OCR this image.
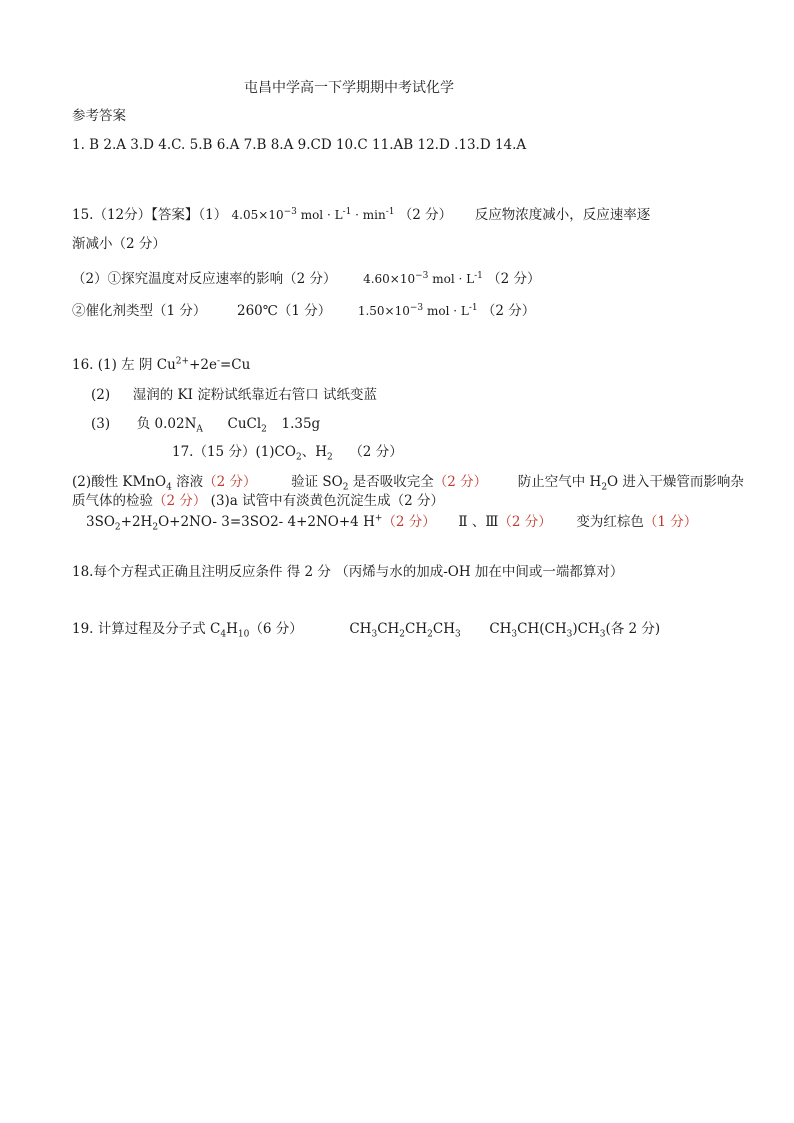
屯昌中学高一下学期期中考试化学
参考答案
1. B 2.A 3.D 4.C. 5.B 6.A 7.B 8.A 9.CD 10.C 11.AB 12.D .13.D 14.A
15.（12分）【答案】（1） $4.05\times 10^{-3}$ mol · $L^{-1} \cdot \min^{-1} (2$ 分） 反应物浓度减小，反应速率逐
渐减小（2 分）
（2）①探究温度对反应速率的影响（2 分） $4.60\times 10^{-3}$ mol · $L^{-1}$ （2 分）
②催化剂类型（1 分） 260℃（1 分） $1.50\times 10^{-3}$ mol · $L^{-1}$ （2 分）
16. (1) 左 阴 $Cu^{2+}+2e^-=Cu$
(2) 湿润的 KI 淀粉试纸靠近右管口 试纸变蓝
(3) 负 $0.02N_A$ CuCl$_2$ 1.35g
17.（15 分）$(1)CO_2$、$H_2$ （2 分）
(2)酸性 KMnO$_4$ 溶液（2 分）	验证 $SO_2$ 是否吸收完全（2 分） 防止空气中 $H_2O$ 进入干燥管而影响杂
质气体的检验（2 分） (3)a 试管中有淡黄色沉淀生成（2 分）
$3SO_2+2H_2O+2NO-$ 3=3SO2- 4+2NO+4 H+（2 分） Ⅱ 、Ⅲ（2 分） 变为红棕色（1 分）
18.每个方程式正确且注明反应条件 得 2 分 （丙烯与水的加成-OH 加在中间或一端都算对）
19. 计算过程及分子式 $C_4H_{10}(6$ 分）	$CH_3CH_2CH_2CH_3$ $CH_3CH(CH_3)CH_3$(各 2 分)
